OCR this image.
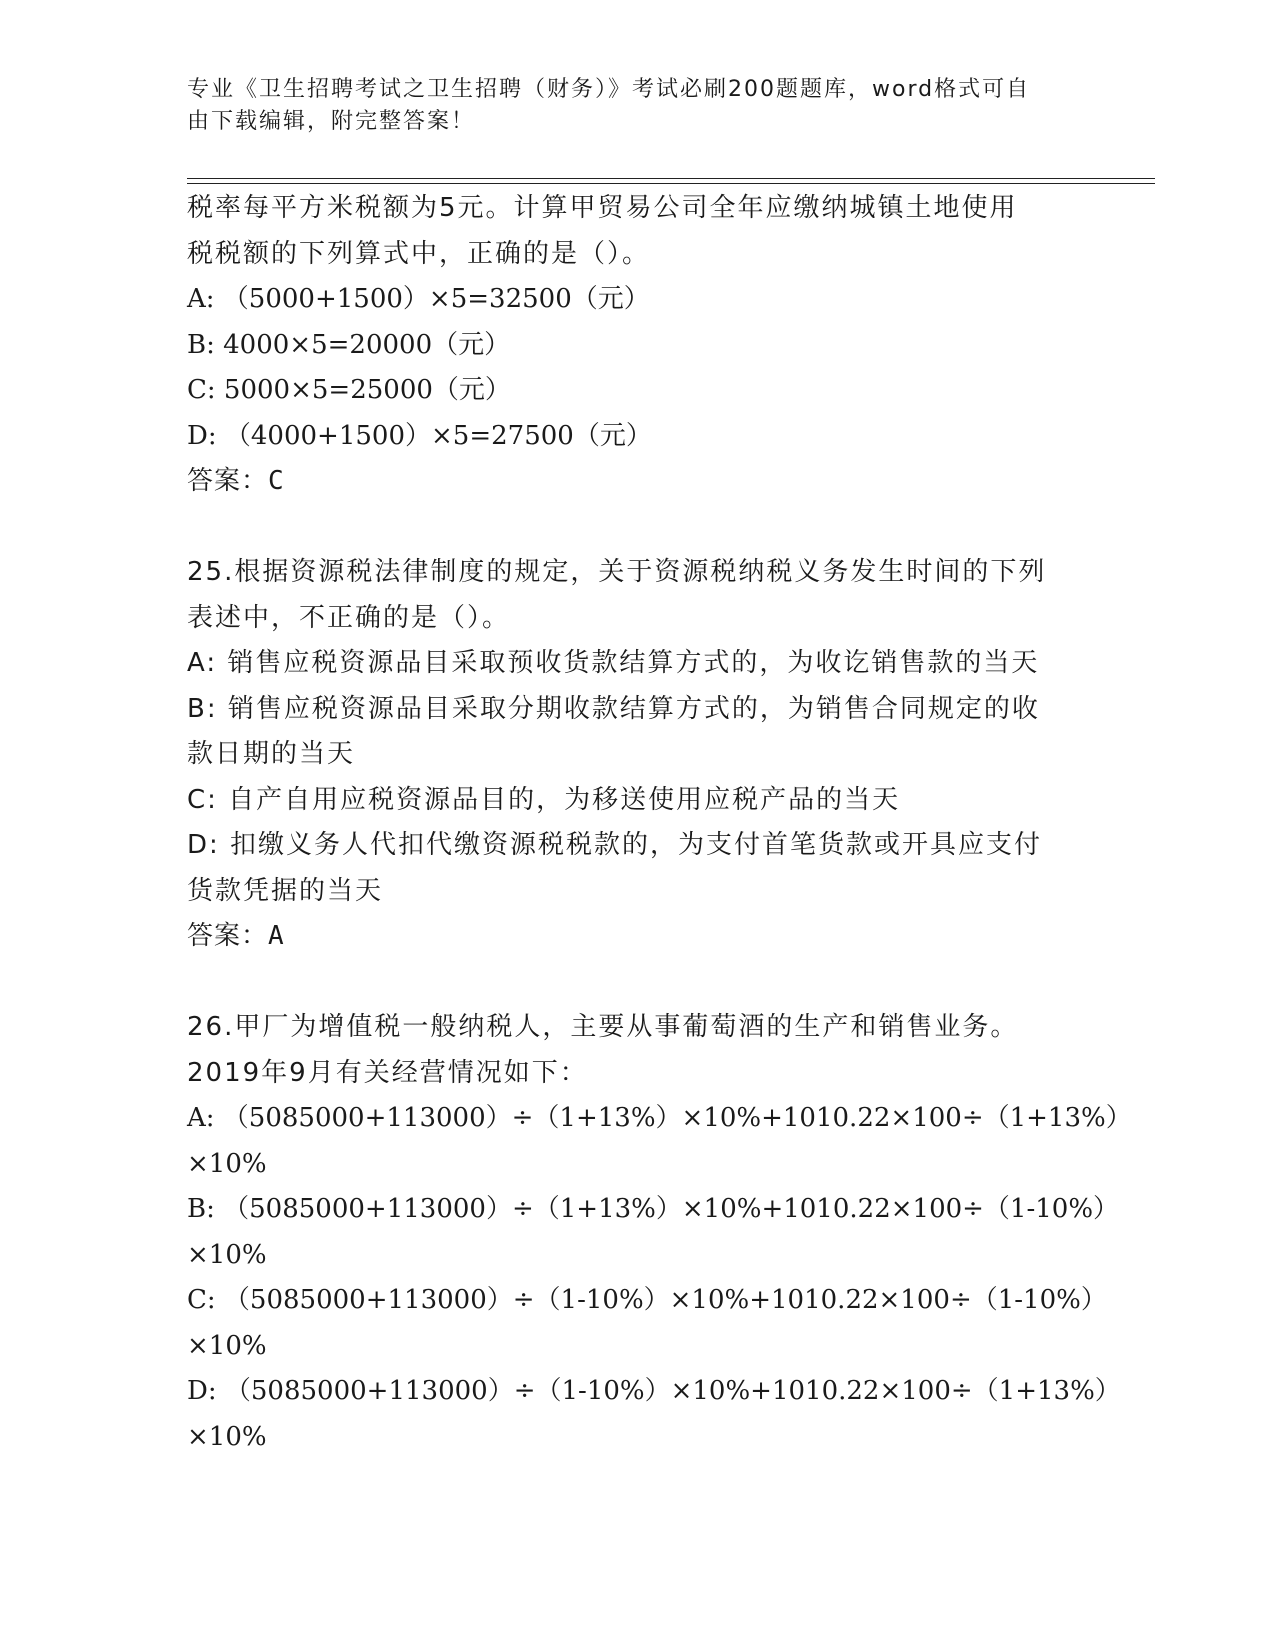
专业《卫生招聘考试之卫生招聘（财务）》考试必刷200题题库，word格式可自

由下载编辑，附完整答案！

税率每平方米税额为5元。计算甲贸易公司全年应缴纳城镇土地使用

税税额的下列算式中，正确的是（）。

A: （5000+1500）×5=32500（元）

B: 4000×5=20000（元）

C: 5000×5=25000（元）

D: （4000+1500）×5=27500（元）

答案：C

25.根据资源税法律制度的规定，关于资源税纳税义务发生时间的下列

表述中，不正确的是（）。

A: 销售应税资源品目采取预收货款结算方式的，为收讫销售款的当天

B: 销售应税资源品目采取分期收款结算方式的，为销售合同规定的收

款日期的当天

C: 自产自用应税资源品目的，为移送使用应税产品的当天

D: 扣缴义务人代扣代缴资源税税款的，为支付首笔货款或开具应支付

货款凭据的当天

答案：A

26.甲厂为增值税一般纳税人，主要从事葡萄酒的生产和销售业务。

2019年9月有关经营情况如下：

A: （5085000+113000）÷（1+13%）×10%+1010.22×100÷（1+13%）

×10%

B: （5085000+113000）÷（1+13%）×10%+1010.22×100÷（1-10%）

×10%

C: （5085000+113000）÷（1-10%）×10%+1010.22×100÷（1-10%）

×10%

D: （5085000+113000）÷（1-10%）×10%+1010.22×100÷（1+13%）

×10%
